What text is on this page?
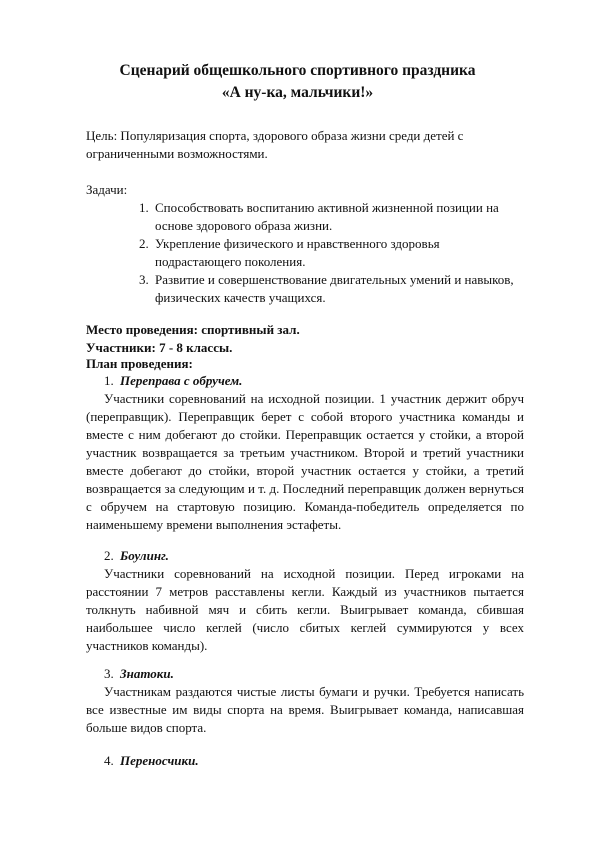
Сценарий общешкольного спортивного праздника
«А ну-ка, мальчики!»
Цель: Популяризация спорта, здорового образа жизни среди детей с
ограниченными возможностями.
Задачи:
1. Способствовать воспитанию активной жизненной позиции на
основе здорового образа жизни.
2. Укрепление физического и нравственного здоровья
подрастающего поколения.
3. Развитие и совершенствование двигательных умений и навыков,
физических качеств учащихся.
Место проведения: спортивный зал.
Участники: 7 - 8 классы.
План проведения:
1. Переправа с обручем.
Участники соревнований на исходной позиции. 1 участник держит обруч
(переправщик). Переправщик берет с собой второго участника команды и
вместе с ним добегают до стойки. Переправщик остается у стойки, а второй
участник возвращается за третьим участником. Второй и третий участники
вместе добегают до стойки, второй участник остается у стойки, а третий
возвращается за следующим и т. д. Последний переправщик должен вернуться
с обручем на стартовую позицию. Команда-победитель определяется по
наименьшему времени выполнения эстафеты.
2. Боулинг.
Участники соревнований на исходной позиции. Перед игроками на
расстоянии 7 метров расставлены кегли. Каждый из участников пытается
толкнуть набивной мяч и сбить кегли. Выигрывает команда, сбившая
наибольшее число кеглей (число сбитых кеглей суммируются у всех
участников команды).
3. Знатоки.
Участникам раздаются чистые листы бумаги и ручки. Требуется написать
все известные им виды спорта на время. Выигрывает команда, написавшая
больше видов спорта.
4. Переносчики.
